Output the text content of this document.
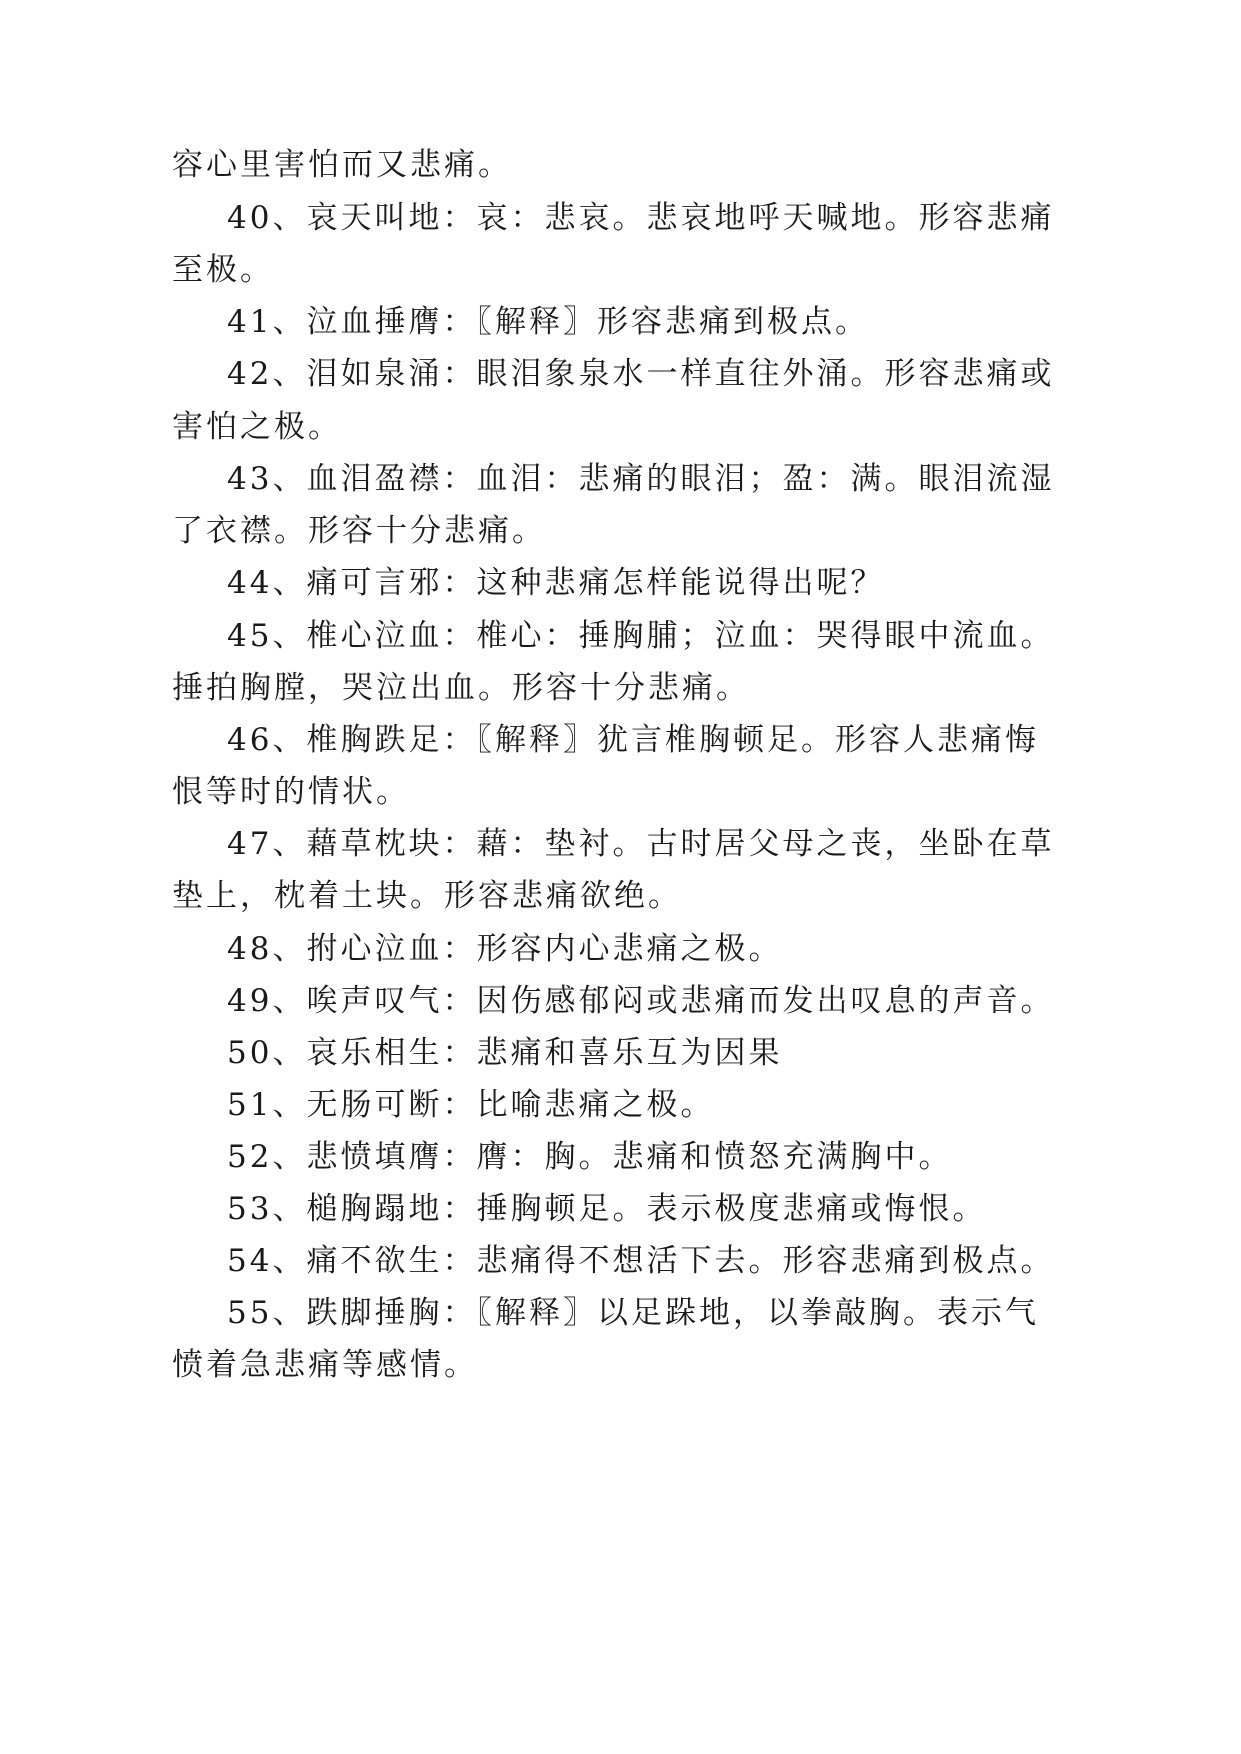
容心里害怕而又悲痛。

40、哀天叫地：哀：悲哀。悲哀地呼天喊地。形容悲痛

至极。

41、泣血捶膺：〖解释〗形容悲痛到极点。

42、泪如泉涌：眼泪象泉水一样直往外涌。形容悲痛或

害怕之极。

43、血泪盈襟：血泪：悲痛的眼泪；盈：满。眼泪流湿

了衣襟。形容十分悲痛。

44、痛可言邪：这种悲痛怎样能说得出呢？

45、椎心泣血：椎心：捶胸脯；泣血：哭得眼中流血。

捶拍胸膛，哭泣出血。形容十分悲痛。

46、椎胸跌足：〖解释〗犹言椎胸顿足。形容人悲痛悔

恨等时的情状。

47、藉草枕块：藉：垫衬。古时居父母之丧，坐卧在草

垫上，枕着土块。形容悲痛欲绝。

48、拊心泣血：形容内心悲痛之极。

49、唉声叹气：因伤感郁闷或悲痛而发出叹息的声音。

50、哀乐相生：悲痛和喜乐互为因果

51、无肠可断：比喻悲痛之极。

52、悲愤填膺：膺：胸。悲痛和愤怒充满胸中。

53、槌胸蹋地：捶胸顿足。表示极度悲痛或悔恨。

54、痛不欲生：悲痛得不想活下去。形容悲痛到极点。

55、跌脚捶胸：〖解释〗以足跺地，以拳敲胸。表示气

愤着急悲痛等感情。
